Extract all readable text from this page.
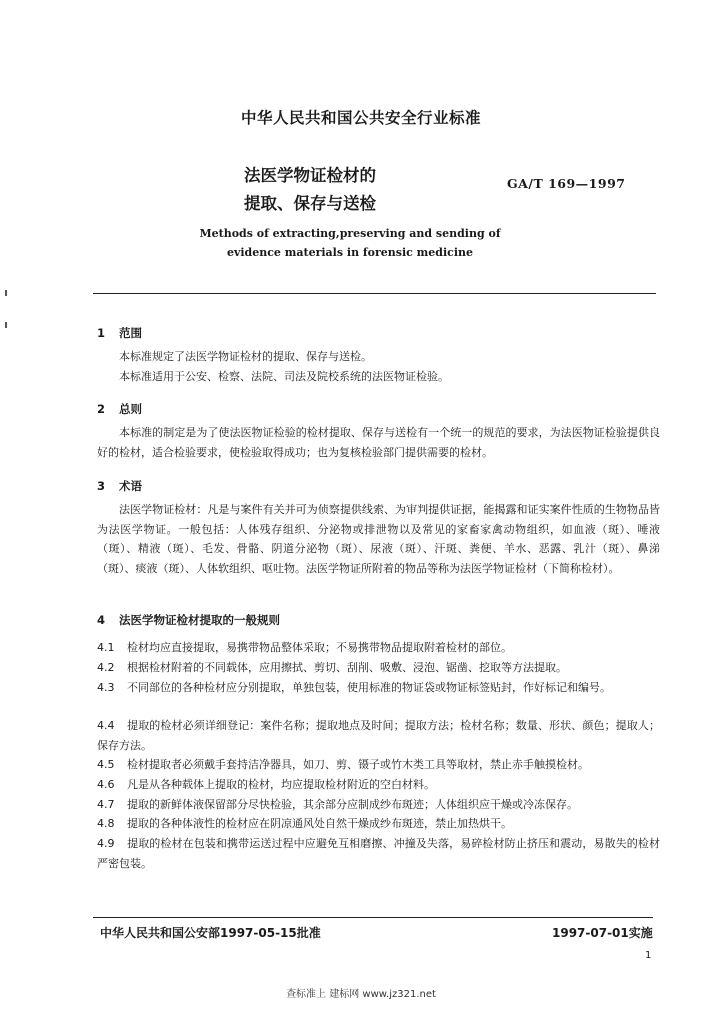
中华人民共和国公共安全行业标准
法医学物证检材的
提取、保存与送检
GA/T 169—1997
Methods of extracting,preserving and sending of
evidence materials in forensic medicine
1 范围
本标准规定了法医学物证检材的提取、保存与送检。
本标准适用于公安、检察、法院、司法及院校系统的法医物证检验。
2 总则
本标准的制定是为了使法医物证检验的检材提取、保存与送检有一个统一的规范的要求，为法医物证检验提供良好的检材，适合检验要求，使检验取得成功；也为复核检验部门提供需要的检材。
3 术语
法医学物证检材：凡是与案件有关并可为侦察提供线索、为审判提供证据，能揭露和证实案件性质的生物物品皆为法医学物证。一般包括：人体残存组织、分泌物或排泄物以及常见的家畜家禽动物组织，如血液（斑）、唾液（斑）、精液（斑）、毛发、骨骼、阴道分泌物（斑）、尿液（斑）、汗斑、粪便、羊水、恶露、乳汁（斑）、鼻涕（斑）、痰液（斑）、人体软组织、呕吐物。法医学物证所附着的物品等称为法医学物证检材（下简称检材）。
4 法医学物证检材提取的一般规则
4.1 检材均应直接提取，易携带物品整体采取；不易携带物品提取附着检材的部位。
4.2 根据检材附着的不同载体，应用擦拭、剪切、刮削、吸敷、浸泡、锯凿、挖取等方法提取。
4.3 不同部位的各种检材应分别提取，单独包装，使用标准的物证袋或物证标签贴封，作好标记和编号。
4.4 提取的检材必须详细登记：案件名称；提取地点及时间；提取方法；检材名称；数量、形状、颜色；提取人；保存方法。
4.5 检材提取者必须戴手套持洁净器具，如刀、剪、镊子或竹木类工具等取材，禁止赤手触摸检材。
4.6 凡是从各种载体上提取的检材，均应提取检材附近的空白材料。
4.7 提取的新鲜体液保留部分尽快检验，其余部分应制成纱布斑迹；人体组织应干燥或冷冻保存。
4.8 提取的各种体液性的检材应在阴凉通风处自然干燥成纱布斑迹，禁止加热烘干。
4.9 提取的检材在包装和携带运送过程中应避免互相磨擦、冲撞及失落，易碎检材防止挤压和震动，易散失的检材严密包装。
中华人民共和国公安部1997-05-15批准	1997-07-01实施
1
查标准上 建标网 www.jz321.net
